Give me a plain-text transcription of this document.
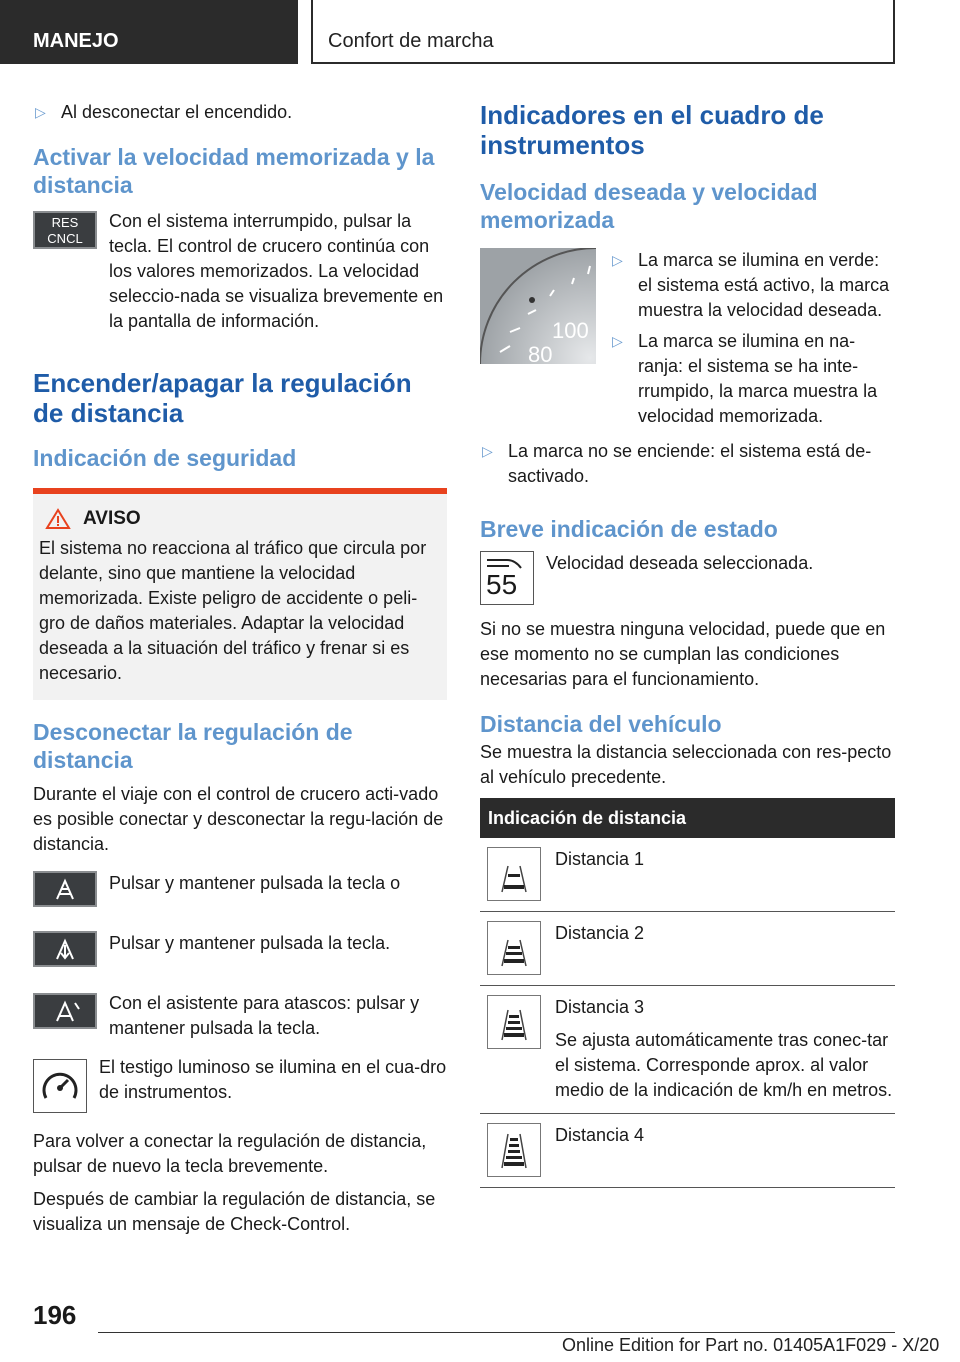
MANEJO	Confort de marcha
▷ Al desconectar el encendido.
Activar la velocidad memorizada y la distancia
RES
CNCL

Con el sistema interrumpido, pulsar la tecla. El control de crucero continúa con los valores memorizados. La velocidad seleccio-nada se visualiza brevemente en la pantalla de información.

Encender/apagar la regulación de distancia
Indicación de seguridad
AVISO

El sistema no reacciona al tráfico que circula por delante, sino que mantiene la velocidad memorizada. Existe peligro de accidente o peli-gro de daños materiales. Adaptar la velocidad deseada a la situación del tráfico y frenar si es necesario.

Desconectar la regulación de distancia

Durante el viaje con el control de crucero acti-vado es posible conectar y desconectar la regu-lación de distancia.

Pulsar y mantener pulsada la tecla o

Pulsar y mantener pulsada la tecla.

Con el asistente para atascos: pulsar y mantener pulsada la tecla.

El testigo luminoso se ilumina en el cua-dro de instrumentos.

Para volver a conectar la regulación de distancia, pulsar de nuevo la tecla brevemente.

Después de cambiar la regulación de distancia, se visualiza un mensaje de Check-Control.

Indicadores en el cuadro de instrumentos
Velocidad deseada y velocidad memorizada
100
80
▷ La marca se ilumina en verde: el sistema está activo, la marca muestra la velocidad deseada.
▷ La marca se ilumina en na-ranja: el sistema se ha inte-rrumpido, la marca muestra la velocidad memorizada.
▷ La marca no se enciende: el sistema está de-sactivado.
Breve indicación de estado
55

Velocidad deseada seleccionada.

Si no se muestra ninguna velocidad, puede que en ese momento no se cumplan las condiciones necesarias para el funcionamiento.

Distancia del vehículo

Se muestra la distancia seleccionada con res-pecto al vehículo precedente.

Indicación de distancia

Distancia 1

Distancia 2

Distancia 3

Se ajusta automáticamente tras conec-tar el sistema. Corresponde aprox. al valor medio de la indicación de km/h en metros.

Distancia 4

196
Online Edition for Part no. 01405A1F029 - X/20
